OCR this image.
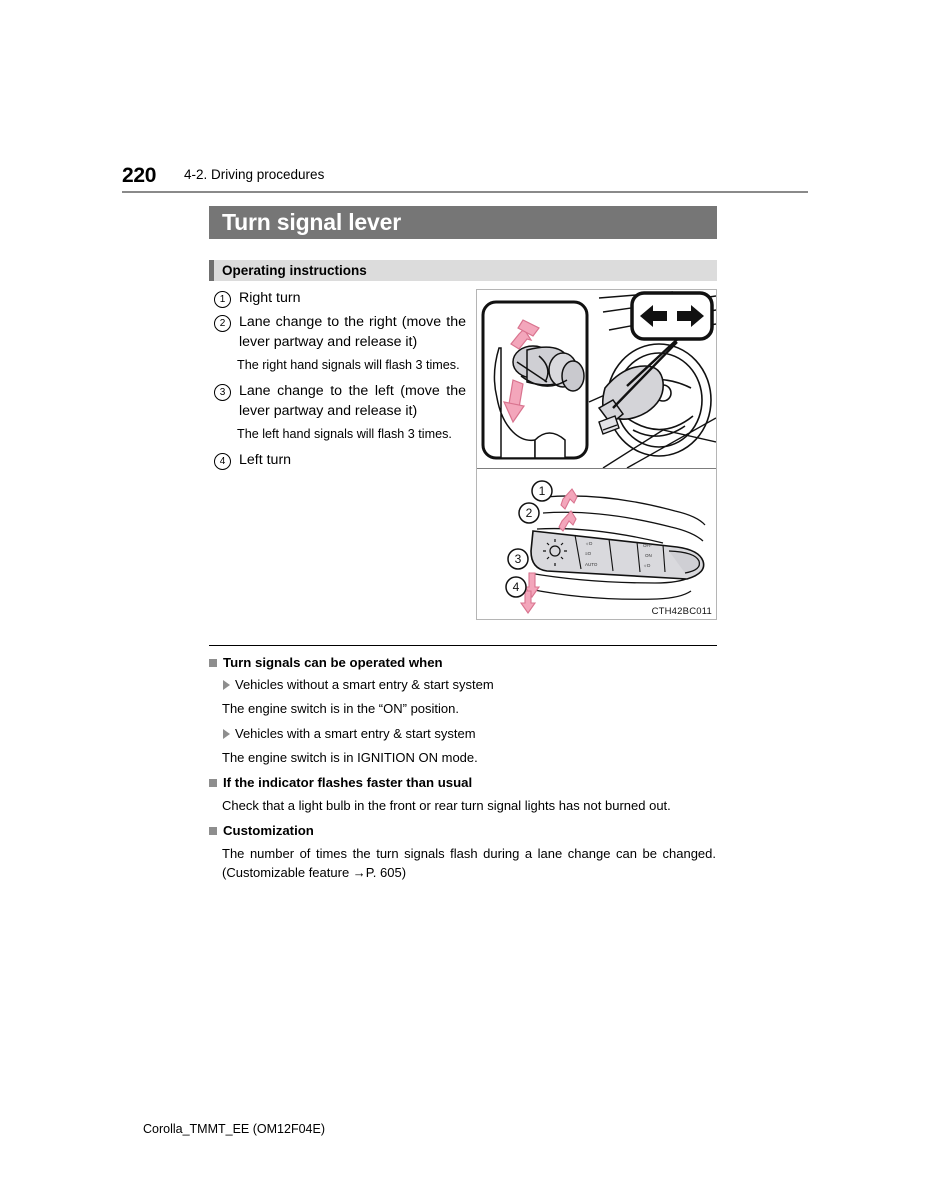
220 4-2. Driving procedures
Turn signal lever
Operating instructions
1 Right turn
2 Lane change to the right (move the lever partway and release it)
The right hand signals will flash 3 times.
3 Lane change to the left (move the lever partway and release it)
The left hand signals will flash 3 times.
4 Left turn
☼D
≡O
AUTO
OFF
ON
☼D
1
2
3
4
CTH42BC011
Turn signals can be operated when
Vehicles without a smart entry & start system
The engine switch is in the “ON” position.
Vehicles with a smart entry & start system
The engine switch is in IGNITION ON mode.
If the indicator flashes faster than usual
Check that a light bulb in the front or rear turn signal lights has not burned out.
Customization
The number of times the turn signals flash during a lane change can be changed. (Customizable feature →P. 605)
Corolla_TMMT_EE (OM12F04E)
